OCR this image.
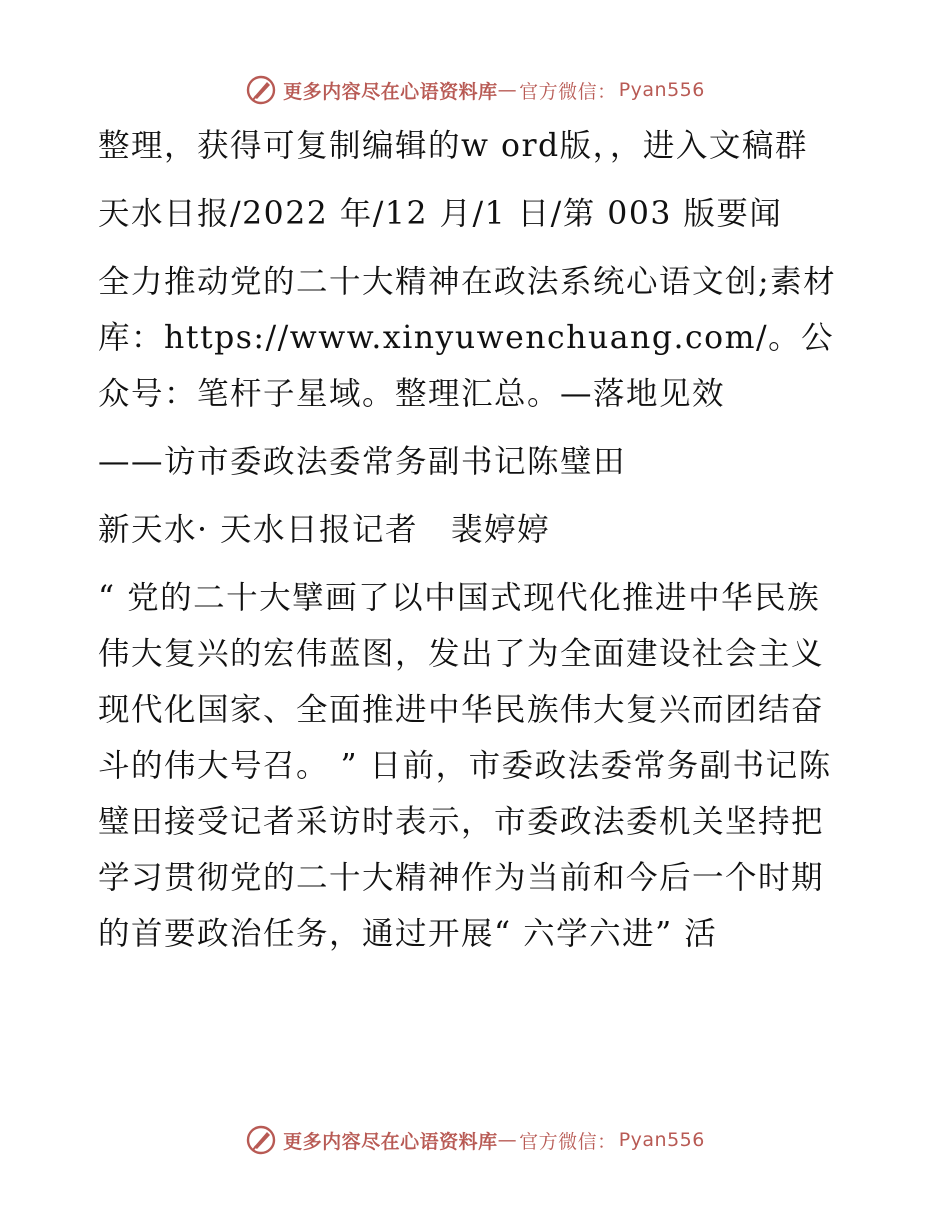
更多内容尽在心语资料库 — 官方微信： Pyan556

整理，获得可复制编辑的w ord版，，进入文稿群

天水日报/2022 年/12 月/1 日/第 003 版要闻

全力推动党的二十大精神在政法系统心语文创;素材库：https://www.xinyuwenchuang.com/。公众号：笔杆子星域。整理汇总。—落地见效

——访市委政法委常务副书记陈璧田

新天水· 天水日报记者　裴婷婷

“ 党的二十大擘画了以中国式现代化推进中华民族伟大复兴的宏伟蓝图，发出了为全面建设社会主义现代化国家、全面推进中华民族伟大复兴而团结奋斗的伟大号召。 ” 日前，市委政法委常务副书记陈璧田接受记者采访时表示，市委政法委机关坚持把学习贯彻党的二十大精神作为当前和今后一个时期的首要政治任务，通过开展“ 六学六进” 活

更多内容尽在心语资料库 — 官方微信： Pyan556
